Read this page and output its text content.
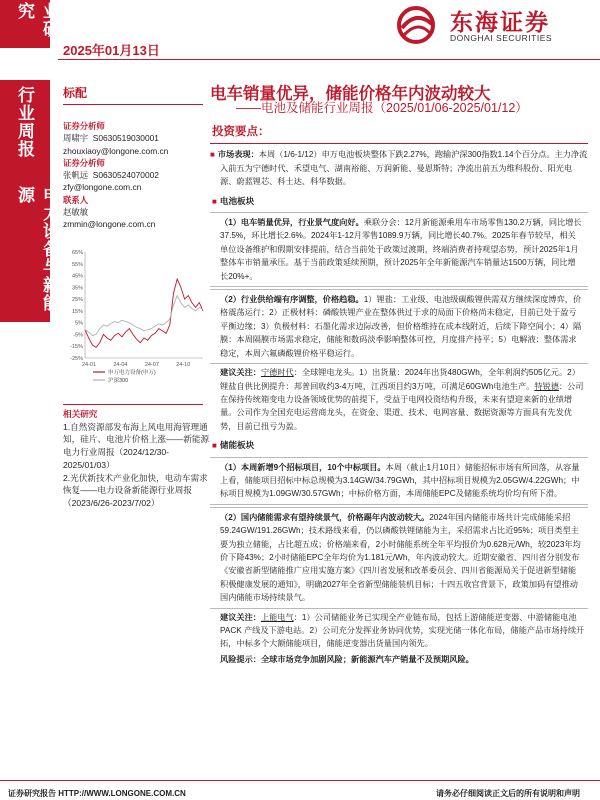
业研究
行业周报
电力设备与新能源
2025年01月13日
东海证券
DONGHAI SECURITIES
电车销量优异，储能价格年内波动较大
——电池及储能行业周报（2025/01/06-2025/01/12）
标配
证券分析师
周啸宇 S0630519030001
zhouxiaoy@longone.com.cn
证券分析师
张帆远 S0630524070002
zfy@longone.com.cn
联系人
赵敏敏
zmmin@longone.com.cn
65%
55%
45%
35%
25%
15%
5%
-5%
-15%
-25%
24-01	24-04	24-07	24-10
申万电力设备(申万)
沪深300
相关研究
1.自然资源部发布海上风电用海管理通知，硅片、电池片价格上涨——新能源电力行业周报（2024/12/30-2025/01/03）
2.光伏新技术产业化加快，电动车需求恢复——电力设备新能源行业周报（2023/6/26-2023/7/02）
投资要点：
■ 市场表现：本周（1/6-1/12）申万电池板块整体下跌2.27%，跑输沪深300指数1.14个百分点。主力净流入前五为宁德时代、禾望电气、湖南裕能、万润新能、曼恩斯特；净流出前五为维科股份、阳光电源、蔚蓝锂芯、科士达、科华数据。
■ 电池板块
（1）电车销量优异，行业景气度向好。乘联分会：12月新能源乘用车市场零售130.2万辆，同比增长37.5%，环比增长2.6%。2024年1-12月零售1089.9万辆，同比增长40.7%。2025年春节较早，相关单位设备维护和假期安排提前，结合当前处于政策过渡期，终端消费者持观望态势，预计2025年1月整体车市销量承压。基于当前政策延续预期，预计2025年全年新能源汽车销量达1500万辆，同比增长20%+。
（2）行业供给端有序调整，价格趋稳。1）锂盐：工业级、电池级碳酸锂供需双方继续深度博弈，价格震荡运行；2）正极材料：磷酸铁锂产业在整体供过于求的局面下价格尚未稳定，目前已处于盈亏平衡边缘；3）负极材料：石墨化需求边际改善，但价格维持在成本线附近，后续下降空间小；4）隔膜：本周隔膜市场需求稳定，储能和数码淡季影响整体可控，月度排产持平；5）电解液：整体需求稳定，本周六氟磷酸锂价格平稳运行。
建议关注：宁德时代：全球锂电龙头。1）出货量：2024年出货480GWh，全年利润约505亿元。2）锂盐自供比例提升：邦普回收约3-4万吨，江西项目约3万吨，可满足60GWh电池生产。特锐德：公司在保持传统箱变电力设备领域优势的前提下，受益于电网投资结构升级，未来有望迎来新的业绩增量。公司作为全国充电运营商龙头，在资金、渠道、技术、电网容量、数据资源等方面具有先发优势，目前已扭亏为盈。
■ 储能板块
（1）本周新增9个招标项目，10个中标项目。本周（截止1月10日）储能招标市场有所回落，从容量上看，储能项目招标中标总规模为3.14GW/34.79GWh，其中招标项目规模为2.05GW/4.22GWh；中标项目规模为1.09GW/30.57GWh；中标价格方面，本周储能EPC及储能系统均价均有所下滑。
（2）国内储能需求有望持续景气，价格踢年内波动较大。2024年国内储能市场共计完成储能采招59.24GW/191.26GWh；技术路线来看，仍以磷酸铁锂储能为主，采招需求占比近95%；项目类型主要为独立储能，占比超五成；价格端来看，2小时储能系统全年平均报价为0.628元/Wh，较2023年均价下降43%；2小时储能EPC全年均价为1.181元/Wh，年内波动较大。近期安徽省、四川省分别发布《安徽省新型储能推广应用实施方案》《四川省发展和改革委员会、四川省能源局关于促进新型储能积极健康发展的通知》，明确2027年全省新型储能装机目标；十四五收官背景下，政策加码有望推动国内储能市场持续景气。
建议关注：上能电气：1）公司储能业务已实现全产业链布局，包括上游储能逆变器、中游储能电池 PACK 产线及下游电站。2）公司充分发挥业务协同优势，实现光储一体化布局，储能产品市场持续开拓，中标多个大额储能项目，储能逆变器出货量国内领先。
风险提示：全球市场竞争加剧风险；新能源汽车产销量不及预期风险。
证券研究报告 HTTP://WWW.LONGONE.COM.CN	请务必仔细阅读正文后的所有说明和声明
